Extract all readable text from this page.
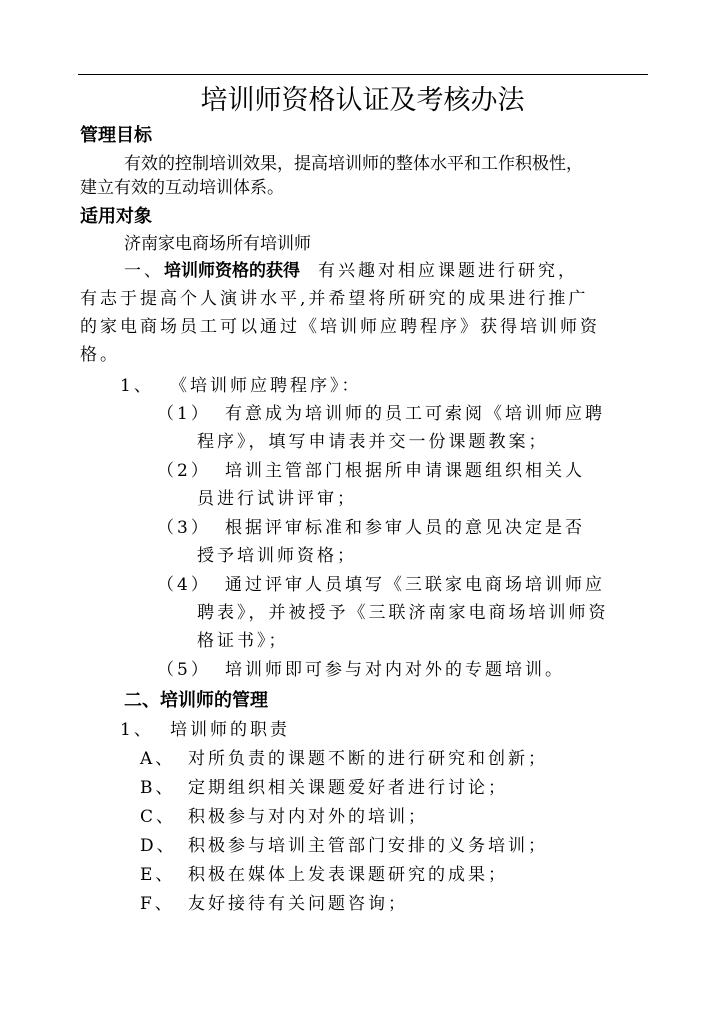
培训师资格认证及考核办法
管理目标
有效的控制培训效果，提高培训师的整体水平和工作积极性，
建立有效的互动培训体系。
适用对象
济南家电商场所有培训师
一、培训师资格的获得 有兴趣对相应课题进行研究，
有志于提高个人演讲水平,并希望将所研究的成果进行推广
的家电商场员工可以通过《培训师应聘程序》获得培训师资
格。
1、 《培训师应聘程序》：
（1） 有意成为培训师的员工可索阅《培训师应聘
程序》，填写申请表并交一份课题教案；
（2） 培训主管部门根据所申请课题组织相关人
员进行试讲评审；
（3） 根据评审标准和参审人员的意见决定是否
授予培训师资格；
（4） 通过评审人员填写《三联家电商场培训师应
聘表》，并被授予《三联济南家电商场培训师资
格证书》；
（5） 培训师即可参与对内对外的专题培训。
二、培训师的管理
1、 培训师的职责
A、 对所负责的课题不断的进行研究和创新；
B、 定期组织相关课题爱好者进行讨论；
C、 积极参与对内对外的培训；
D、 积极参与培训主管部门安排的义务培训；
E、 积极在媒体上发表课题研究的成果；
F、 友好接待有关问题咨询；
